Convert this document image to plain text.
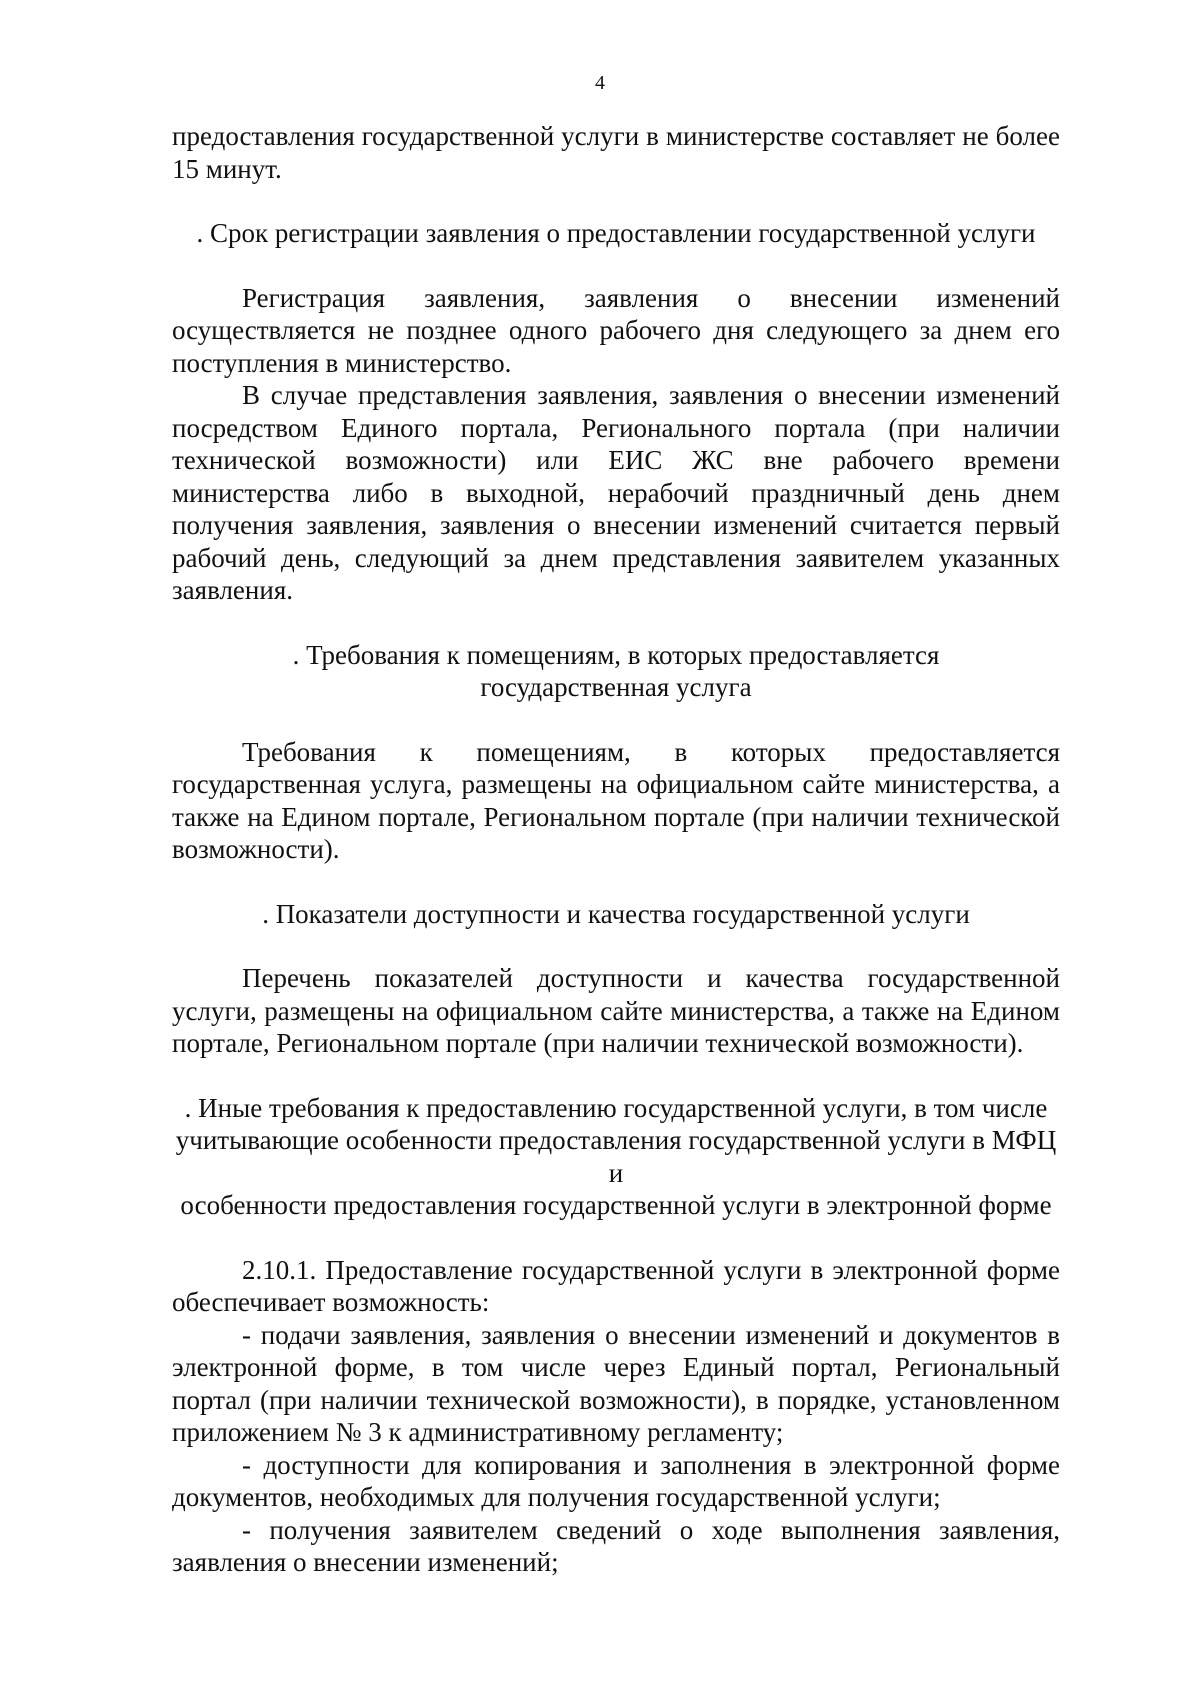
4

предоставления государственной услуги в министерстве составляет не более 15 минут.

. Срок регистрации заявления о предоставлении государственной услуги

Регистрация заявления, заявления о внесении изменений осуществляется не позднее одного рабочего дня следующего за днем его поступления в министерство.

В случае представления заявления, заявления о внесении изменений посредством Единого портала, Регионального портала (при наличии технической возможности) или ЕИС ЖС вне рабочего времени министерства либо в выходной, нерабочий праздничный день днем получения заявления, заявления о внесении изменений считается первый рабочий день, следующий за днем представления заявителем указанных заявления.

. Требования к помещениям, в которых предоставляется

государственная услуга

Требования к помещениям, в которых предоставляется государственная услуга, размещены на официальном сайте министерства, а также на Едином портале, Региональном портале (при наличии технической возможности).

. Показатели доступности и качества государственной услуги

Перечень показателей доступности и качества государственной услуги, размещены на официальном сайте министерства, а также на Едином портале, Региональном портале (при наличии технической возможности).

. Иные требования к предоставлению государственной услуги, в том числе

учитывающие особенности предоставления государственной услуги в МФЦ и

особенности предоставления государственной услуги в электронной форме

2.10.1. Предоставление государственной услуги в электронной форме обеспечивает возможность:

- подачи заявления, заявления о внесении изменений и документов в электронной форме, в том числе через Единый портал, Региональный портал (при наличии технической возможности), в порядке, установленном приложением № 3 к административному регламенту;

- доступности для копирования и заполнения в электронной форме документов, необходимых для получения государственной услуги;

- получения заявителем сведений о ходе выполнения заявления, заявления о внесении изменений;
